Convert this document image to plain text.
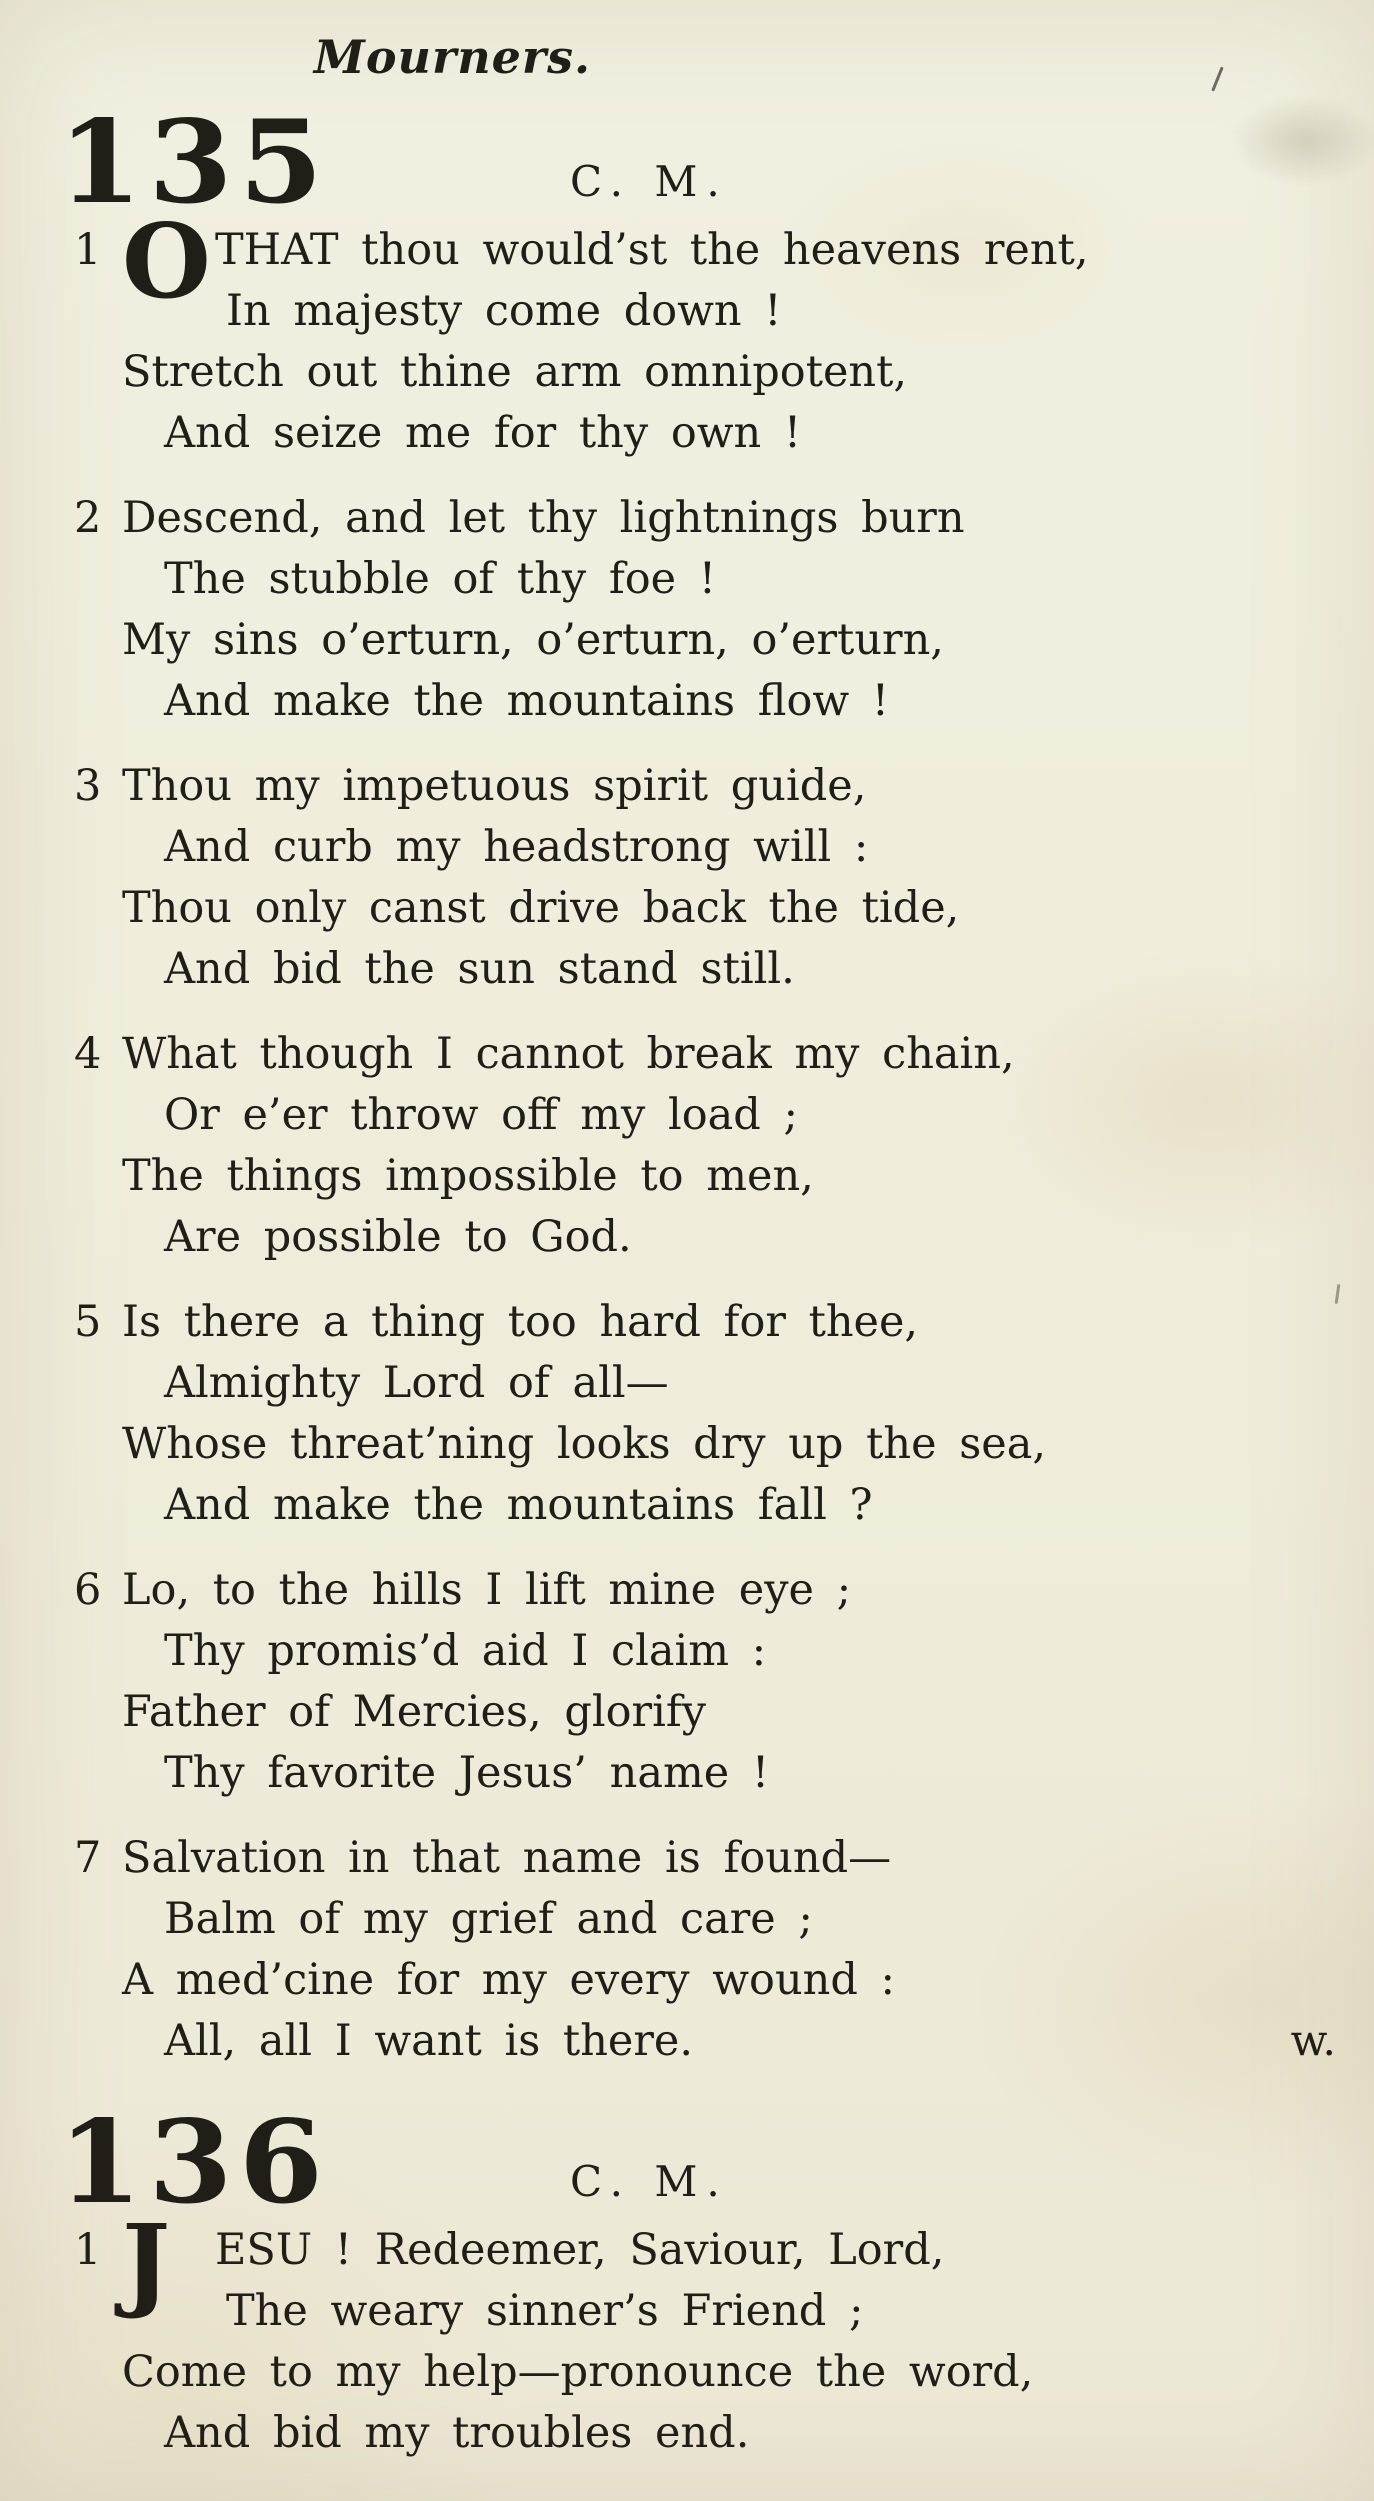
Mourners.
135	C. M.
1 O THAT thou would’st the heavens rent,
In majesty come down !
Stretch out thine arm omnipotent,
And seize me for thy own !
2 Descend, and let thy lightnings burn
The stubble of thy foe !
My sins o’erturn, o’erturn, o’erturn,
And make the mountains flow !
3 Thou my impetuous spirit guide,
And curb my headstrong will :
Thou only canst drive back the tide,
And bid the sun stand still.
4 What though I cannot break my chain,
Or e’er throw off my load ;
The things impossible to men,
Are possible to God.
5 Is there a thing too hard for thee,
Almighty Lord of all—
Whose threat’ning looks dry up the sea,
And make the mountains fall ?
6 Lo, to the hills I lift mine eye ;
Thy promis’d aid I claim :
Father of Mercies, glorify
Thy favorite Jesus’ name !
7 Salvation in that name is found—
Balm of my grief and care ;
A med’cine for my every wound :
w.
All, all I want is there.
136	C. M.
1 J	ESU ! Redeemer, Saviour, Lord,
The weary sinner’s Friend ;
Come to my help—pronounce the word,
And bid my troubles end.
